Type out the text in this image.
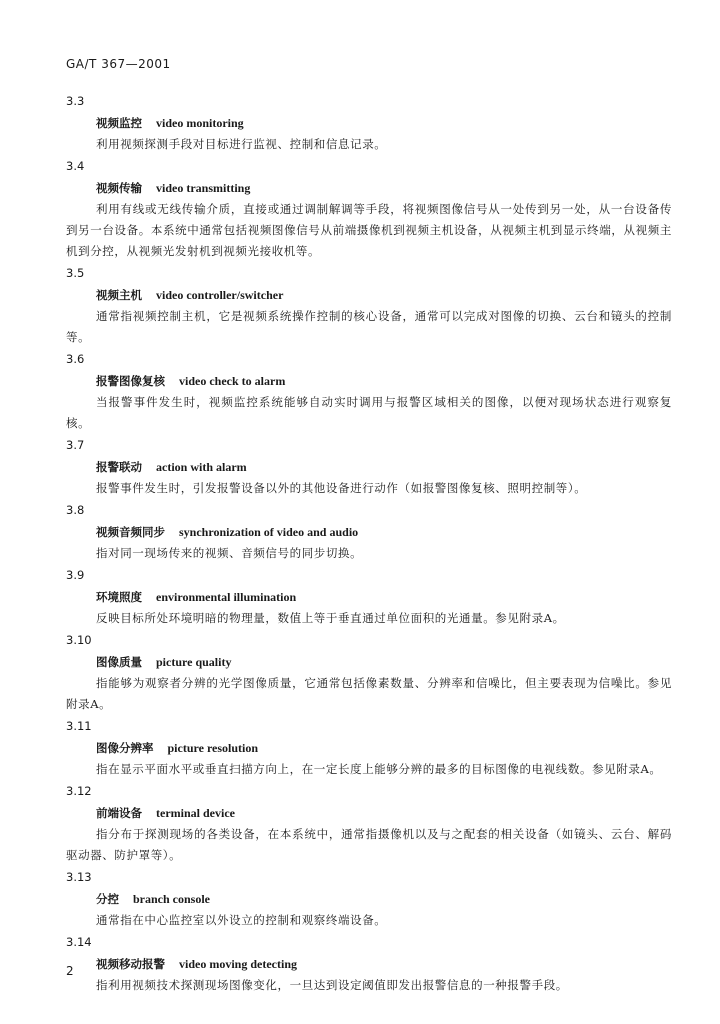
GA/T 367—2001
3.3
视频监控 video monitoring
利用视频探测手段对目标进行监视、控制和信息记录。
3.4
视频传输 video transmitting
利用有线或无线传输介质，直接或通过调制解调等手段，将视频图像信号从一处传到另一处，从一台设备传到另一台设备。本系统中通常包括视频图像信号从前端摄像机到视频主机设备，从视频主机到显示终端，从视频主机到分控，从视频光发射机到视频光接收机等。
3.5
视频主机 video controller/switcher
通常指视频控制主机，它是视频系统操作控制的核心设备，通常可以完成对图像的切换、云台和镜头的控制等。
3.6
报警图像复核 video check to alarm
当报警事件发生时，视频监控系统能够自动实时调用与报警区域相关的图像，以便对现场状态进行观察复核。
3.7
报警联动 action with alarm
报警事件发生时，引发报警设备以外的其他设备进行动作（如报警图像复核、照明控制等）。
3.8
视频音频同步 synchronization of video and audio
指对同一现场传来的视频、音频信号的同步切换。
3.9
环境照度 environmental illumination
反映目标所处环境明暗的物理量，数值上等于垂直通过单位面积的光通量。参见附录A。
3.10
图像质量 picture quality
指能够为观察者分辨的光学图像质量，它通常包括像素数量、分辨率和信噪比，但主要表现为信噪比。参见附录A。
3.11
图像分辨率 picture resolution
指在显示平面水平或垂直扫描方向上，在一定长度上能够分辨的最多的目标图像的电视线数。参见附录A。
3.12
前端设备 terminal device
指分布于探测现场的各类设备，在本系统中，通常指摄像机以及与之配套的相关设备（如镜头、云台、解码驱动器、防护罩等）。
3.13
分控 branch console
通常指在中心监控室以外设立的控制和观察终端设备。
3.14
视频移动报警 video moving detecting
指利用视频技术探测现场图像变化，一旦达到设定阈值即发出报警信息的一种报警手段。
2
